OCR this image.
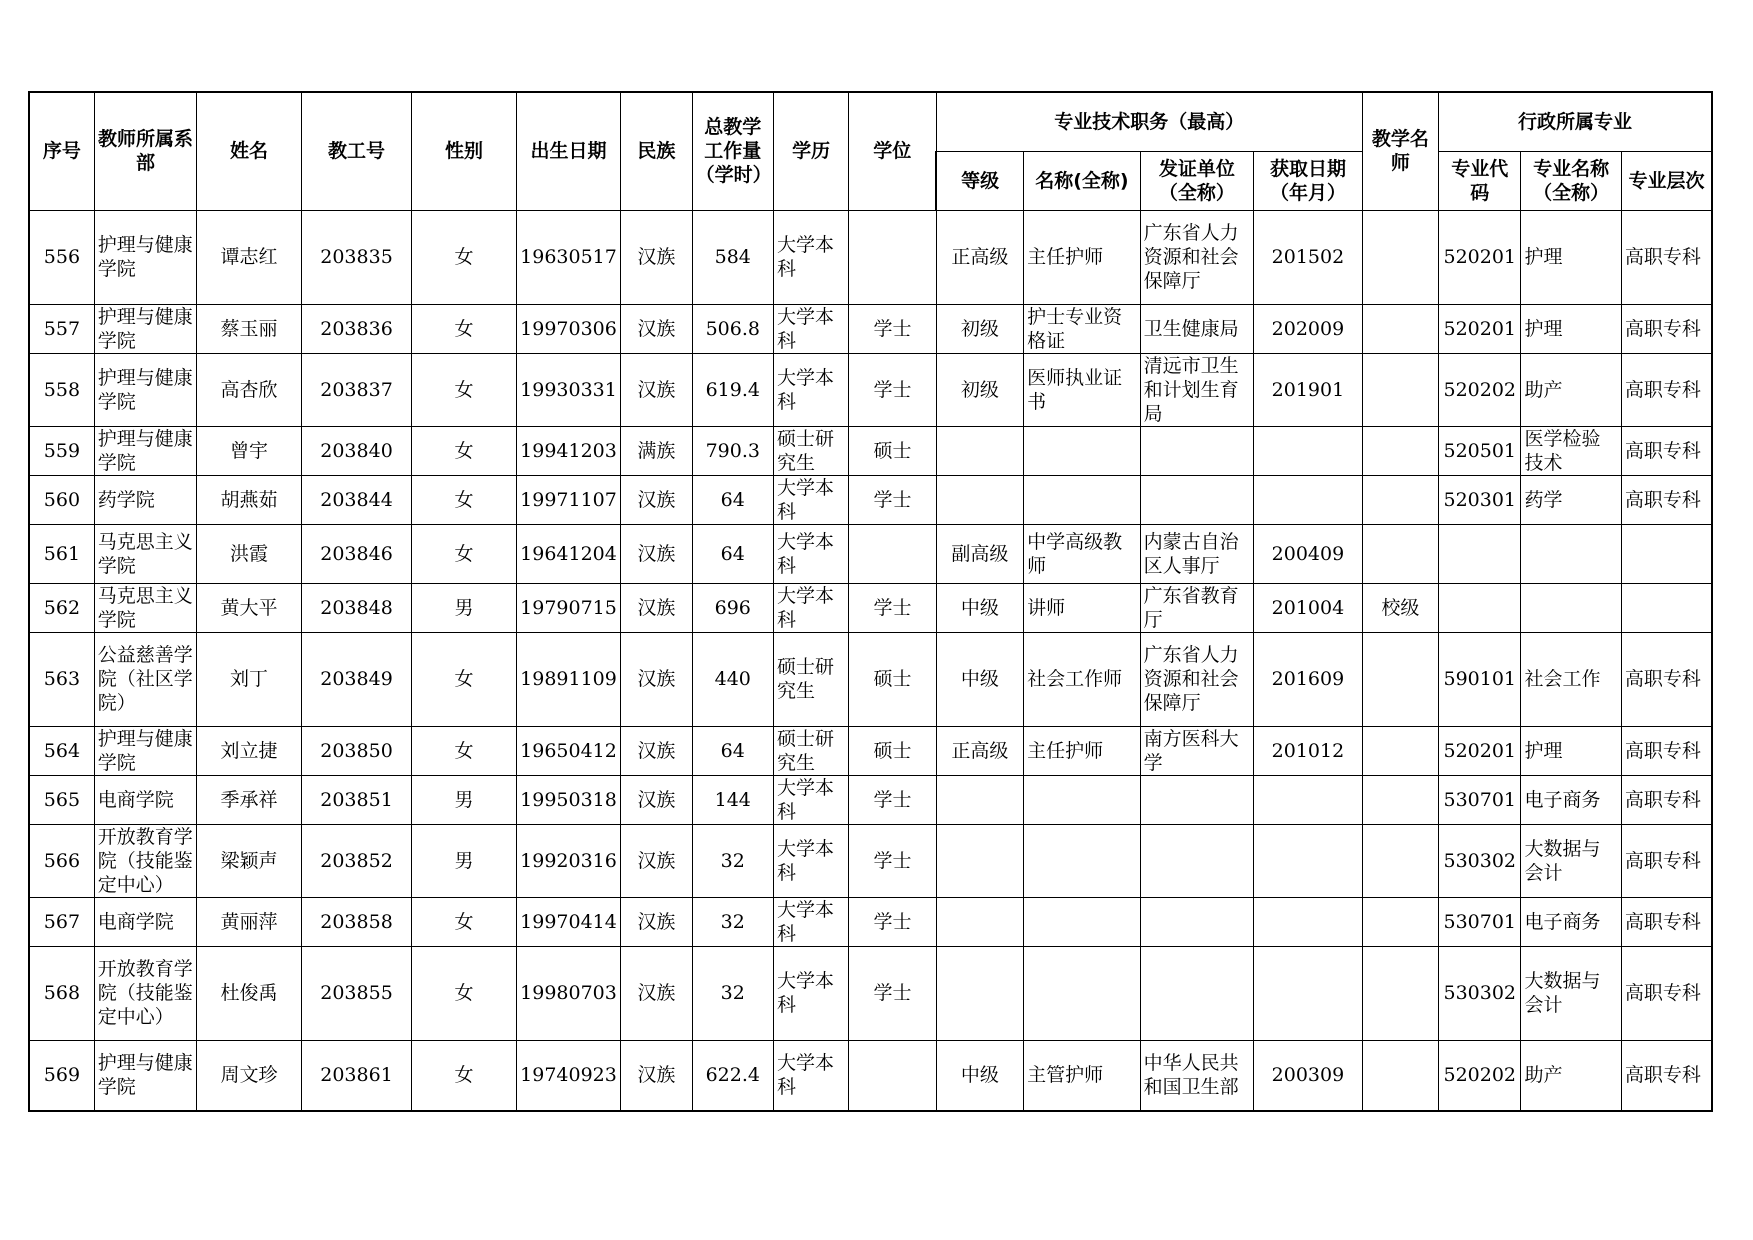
序号	教师所属系部	姓名	教工号	性别	出生日期	民族	总教学工作量（学时）	学历	学位	专业技术职务（最高）				教学名师	行政所属专业		
										等级	名称(全称)	发证单位（全称）	获取日期（年月）		专业代码	专业名称（全称）	专业层次
556	护理与健康学院	谭志红	203835	女	19630517	汉族	584	大学本科		正高级	主任护师	广东省人力资源和社会保障厅	201502		520201	护理	高职专科
557	护理与健康学院	蔡玉丽	203836	女	19970306	汉族	506.8	大学本科	学士	初级	护士专业资格证	卫生健康局	202009		520201	护理	高职专科
558	护理与健康学院	高杏欣	203837	女	19930331	汉族	619.4	大学本科	学士	初级	医师执业证书	清远市卫生和计划生育局	201901		520202	助产	高职专科
559	护理与健康学院	曾宇	203840	女	19941203	满族	790.3	硕士研究生	硕士						520501	医学检验技术	高职专科
560	药学院	胡燕茹	203844	女	19971107	汉族	64	大学本科	学士						520301	药学	高职专科
561	马克思主义学院	洪霞	203846	女	19641204	汉族	64	大学本科		副高级	中学高级教师	内蒙古自治区人事厅	200409				
562	马克思主义学院	黄大平	203848	男	19790715	汉族	696	大学本科	学士	中级	讲师	广东省教育厅	201004	校级			
563	公益慈善学院（社区学院）	刘丁	203849	女	19891109	汉族	440	硕士研究生	硕士	中级	社会工作师	广东省人力资源和社会保障厅	201609		590101	社会工作	高职专科
564	护理与健康学院	刘立捷	203850	女	19650412	汉族	64	硕士研究生	硕士	正高级	主任护师	南方医科大学	201012		520201	护理	高职专科
565	电商学院	季承祥	203851	男	19950318	汉族	144	大学本科	学士						530701	电子商务	高职专科
566	开放教育学院（技能鉴定中心）	梁颖声	203852	男	19920316	汉族	32	大学本科	学士						530302	大数据与会计	高职专科
567	电商学院	黄丽萍	203858	女	19970414	汉族	32	大学本科	学士						530701	电子商务	高职专科
568	开放教育学院（技能鉴定中心）	杜俊禹	203855	女	19980703	汉族	32	大学本科	学士						530302	大数据与会计	高职专科
569	护理与健康学院	周文珍	203861	女	19740923	汉族	622.4	大学本科		中级	主管护师	中华人民共和国卫生部	200309		520202	助产	高职专科
